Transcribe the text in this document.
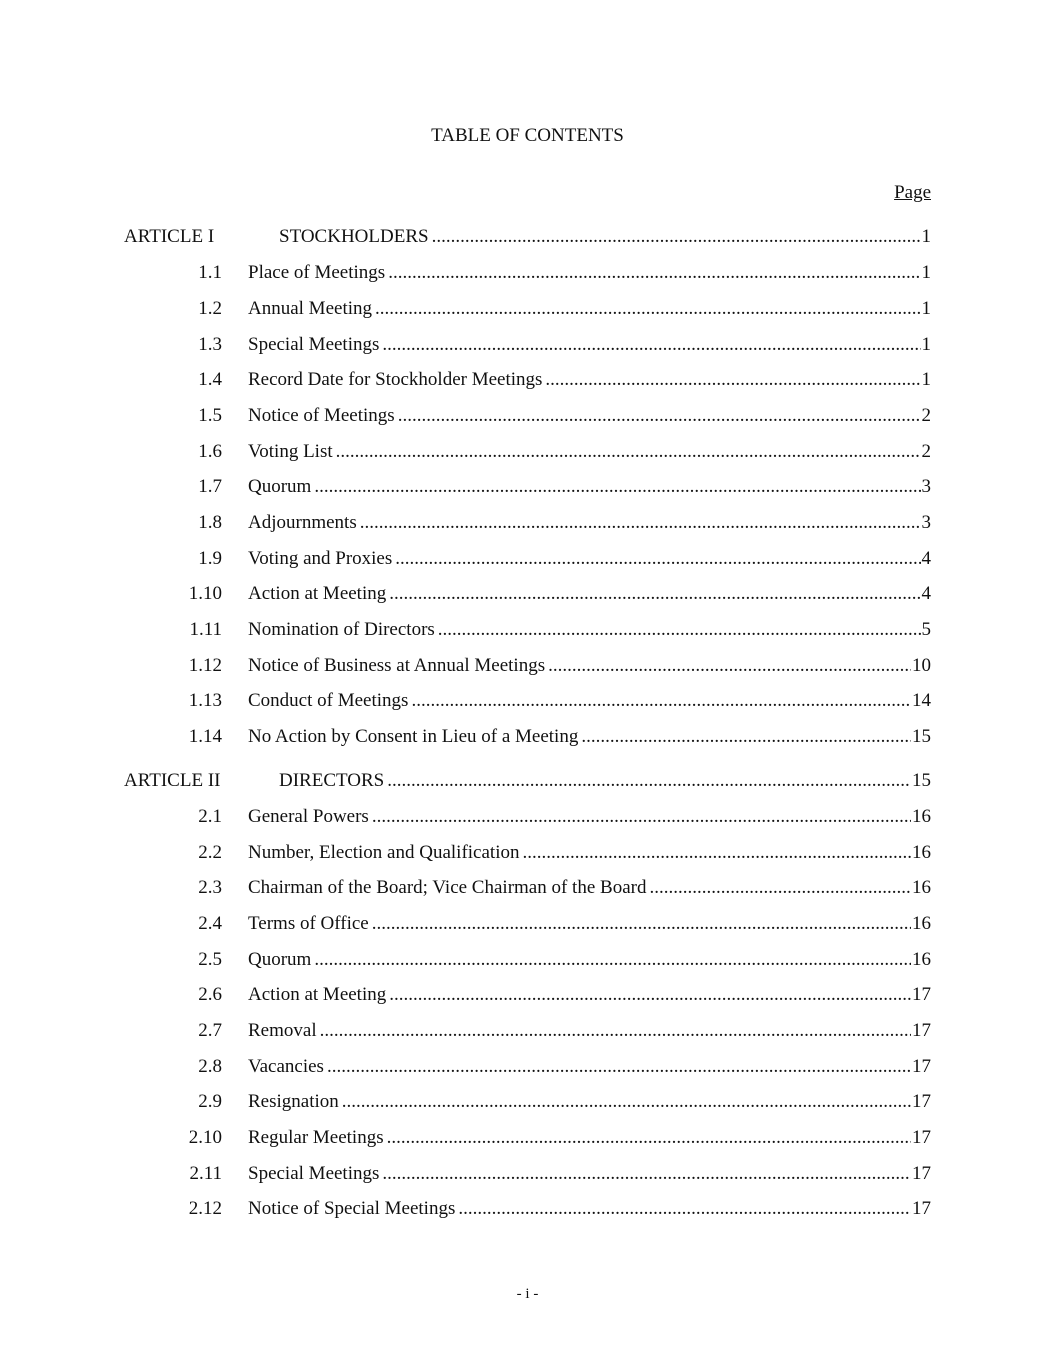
TABLE OF CONTENTS
Page
ARTICLE I	STOCKHOLDERS .....	1
1.1 Place of Meetings .....	1
1.2 Annual Meeting .....	1
1.3 Special Meetings .....	1
1.4 Record Date for Stockholder Meetings .....	1
1.5 Notice of Meetings .....	2
1.6 Voting List .....	2
1.7 Quorum .....	3
1.8 Adjournments .....	3
1.9 Voting and Proxies .....	4
1.10 Action at Meeting .....	4
1.11 Nomination of Directors .....	5
1.12 Notice of Business at Annual Meetings .....	10
1.13 Conduct of Meetings .....	14
1.14 No Action by Consent in Lieu of a Meeting .....	15
ARTICLE II	DIRECTORS .....	15
2.1 General Powers .....	16
2.2 Number, Election and Qualification .....	16
2.3 Chairman of the Board; Vice Chairman of the Board .....	16
2.4 Terms of Office .....	16
2.5 Quorum .....	16
2.6 Action at Meeting .....	17
2.7 Removal .....	17
2.8 Vacancies .....	17
2.9 Resignation .....	17
2.10 Regular Meetings .....	17
2.11 Special Meetings .....	17
2.12 Notice of Special Meetings .....	17
- i -
